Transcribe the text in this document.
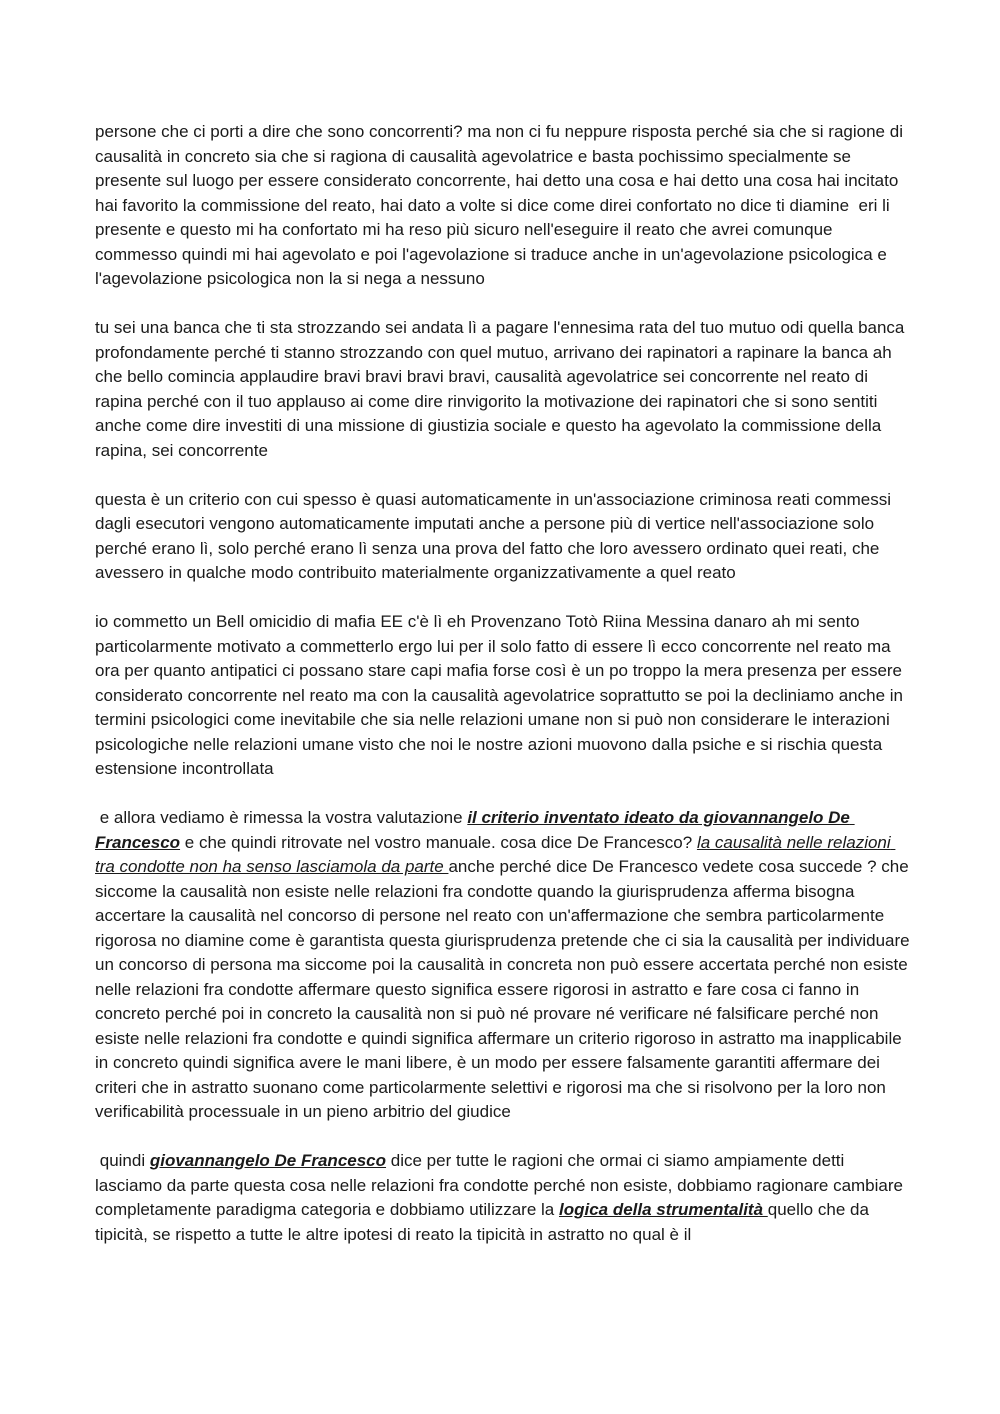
persone che ci porti a dire che sono concorrenti? ma non ci fu neppure risposta perché sia che si ragione di causalità in concreto sia che si ragiona di causalità agevolatrice e basta pochissimo specialmente se presente sul luogo per essere considerato concorrente, hai detto una cosa e hai detto una cosa hai incitato hai favorito la commissione del reato, hai dato a volte si dice come direi confortato no dice ti diamine  eri li presente e questo mi ha confortato mi ha reso più sicuro nell'eseguire il reato che avrei comunque commesso quindi mi hai agevolato e poi l'agevolazione si traduce anche in un'agevolazione psicologica e l'agevolazione psicologica non la si nega a nessuno

tu sei una banca che ti sta strozzando sei andata lì a pagare l'ennesima rata del tuo mutuo odi quella banca profondamente perché ti stanno strozzando con quel mutuo, arrivano dei rapinatori a rapinare la banca ah che bello comincia applaudire bravi bravi bravi bravi, causalità agevolatrice sei concorrente nel reato di rapina perché con il tuo applauso ai come dire rinvigorito la motivazione dei rapinatori che si sono sentiti anche come dire investiti di una missione di giustizia sociale e questo ha agevolato la commissione della rapina, sei concorrente

questa è un criterio con cui spesso è quasi automaticamente in un'associazione criminosa reati commessi dagli esecutori vengono automaticamente imputati anche a persone più di vertice nell'associazione solo perché erano lì, solo perché erano lì senza una prova del fatto che loro avessero ordinato quei reati, che avessero in qualche modo contribuito materialmente organizzativamente a quel reato

io commetto un Bell omicidio di mafia EE c'è lì eh Provenzano Totò Riina Messina danaro ah mi sento particolarmente motivato a commetterlo ergo lui per il solo fatto di essere lì ecco concorrente nel reato ma ora per quanto antipatici ci possano stare capi mafia forse così è un po troppo la mera presenza per essere considerato concorrente nel reato ma con la causalità agevolatrice soprattutto se poi la decliniamo anche in termini psicologici come inevitabile che sia nelle relazioni umane non si può non considerare le interazioni psicologiche nelle relazioni umane visto che noi le nostre azioni muovono dalla psiche e si rischia questa estensione incontrollata

e allora vediamo è rimessa la vostra valutazione il criterio inventato ideato da giovannangelo De Francesco e che quindi ritrovate nel vostro manuale. cosa dice De Francesco? la causalità nelle relazioni tra condotte non ha senso lasciamola da parte anche perché dice De Francesco vedete cosa succede ? che siccome la causalità non esiste nelle relazioni fra condotte quando la giurisprudenza afferma bisogna accertare la causalità nel concorso di persone nel reato con un'affermazione che sembra particolarmente rigorosa no diamine come è garantista questa giurisprudenza pretende che ci sia la causalità per individuare un concorso di persona ma siccome poi la causalità in concreta non può essere accertata perché non esiste nelle relazioni fra condotte affermare questo significa essere rigorosi in astratto e fare cosa ci fanno in concreto perché poi in concreto la causalità non si può né provare né verificare né falsificare perché non esiste nelle relazioni fra condotte e quindi significa affermare un criterio rigoroso in astratto ma inapplicabile in concreto quindi significa avere le mani libere, è un modo per essere falsamente garantiti affermare dei criteri che in astratto suonano come particolarmente selettivi e rigorosi ma che si risolvono per la loro non verificabilità processuale in un pieno arbitrio del giudice

quindi giovannangelo De Francesco dice per tutte le ragioni che ormai ci siamo ampiamente detti lasciamo da parte questa cosa nelle relazioni fra condotte perché non esiste, dobbiamo ragionare cambiare completamente paradigma categoria e dobbiamo utilizzare la logica della strumentalità quello che da tipicità, se rispetto a tutte le altre ipotesi di reato la tipicità in astratto no qual è il
